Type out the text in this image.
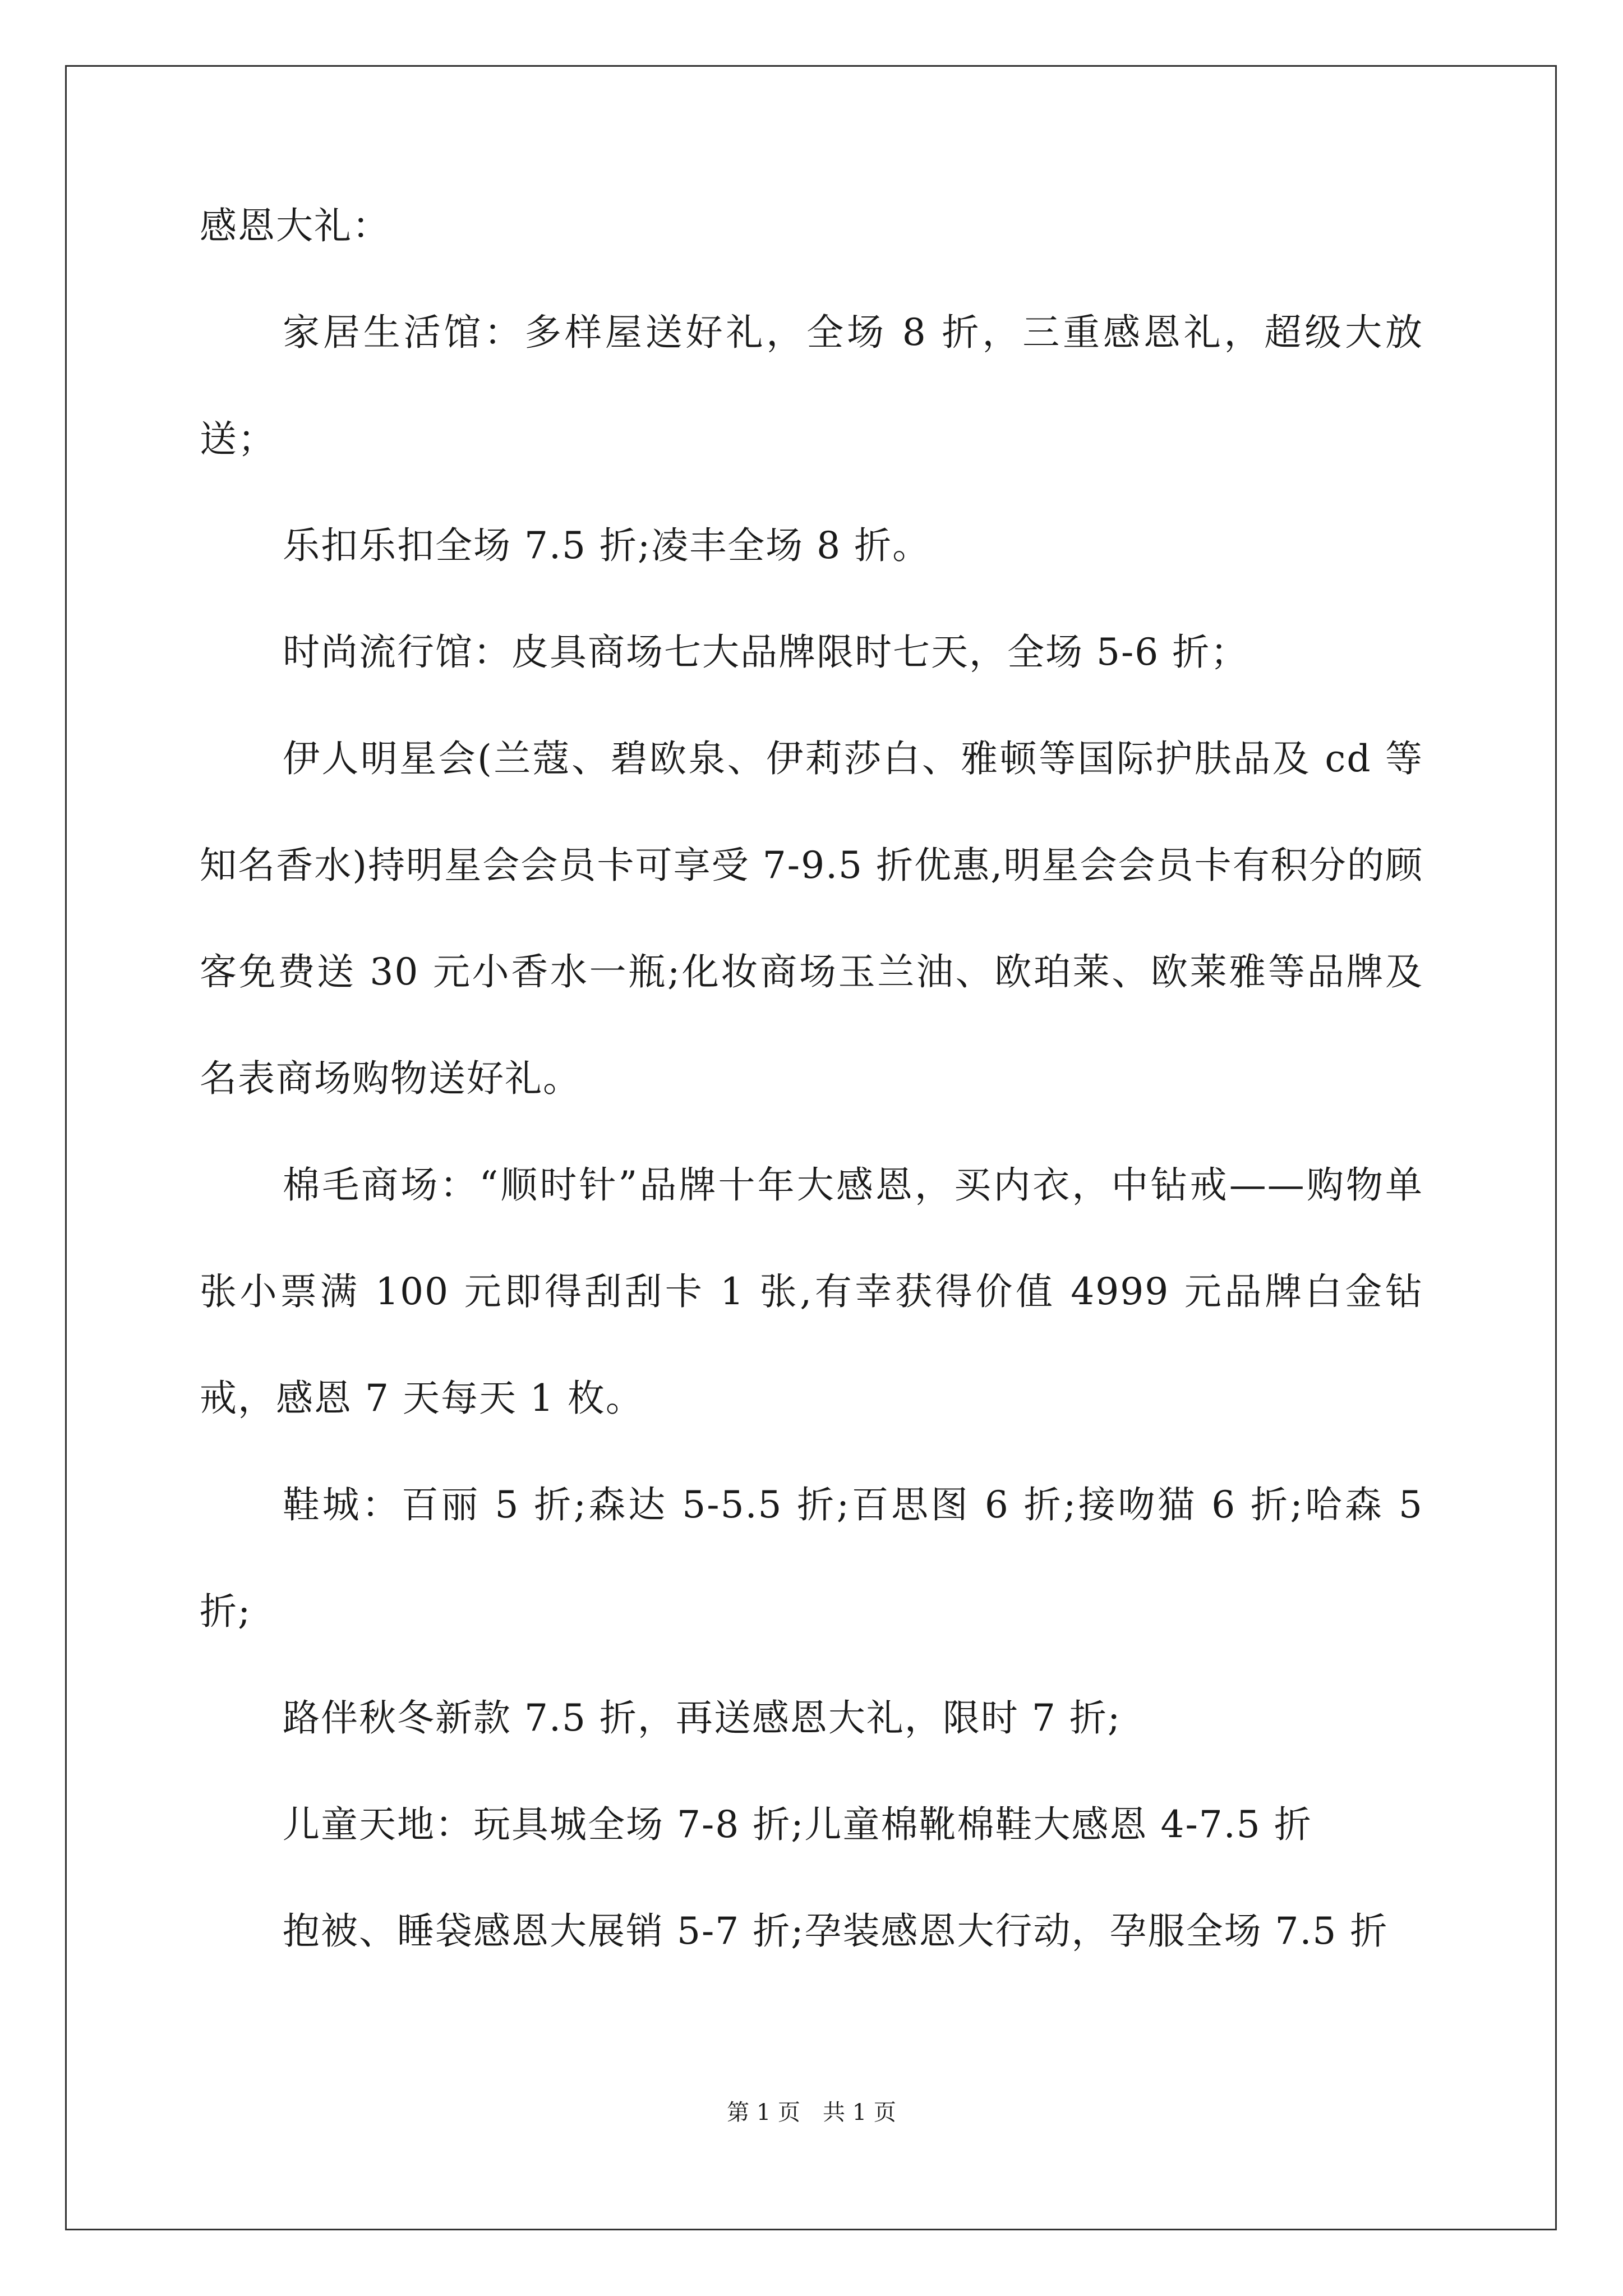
感恩大礼：

家居生活馆：多样屋送好礼，全场 8 折，三重感恩礼，超级大放送；

乐扣乐扣全场 7.5 折;凌丰全场 8 折。

时尚流行馆：皮具商场七大品牌限时七天，全场 5-6 折；

伊人明星会(兰蔻、碧欧泉、伊莉莎白、雅顿等国际护肤品及 cd 等知名香水)持明星会会员卡可享受 7-9.5 折优惠,明星会会员卡有积分的顾客免费送 30 元小香水一瓶;化妆商场玉兰油、欧珀莱、欧莱雅等品牌及名表商场购物送好礼。

棉毛商场：“顺时针”品牌十年大感恩，买内衣，中钻戒——购物单张小票满 100 元即得刮刮卡 1 张,有幸获得价值 4999 元品牌白金钻戒，感恩 7 天每天 1 枚。

鞋城：百丽 5 折;森达 5-5.5 折;百思图 6 折;接吻猫 6 折;哈森 5 折;

路伴秋冬新款 7.5 折，再送感恩大礼，限时 7 折;

儿童天地：玩具城全场 7-8 折;儿童棉靴棉鞋大感恩 4-7.5 折

抱被、睡袋感恩大展销 5-7 折;孕装感恩大行动，孕服全场 7.5 折

第 1 页　共 1 页
